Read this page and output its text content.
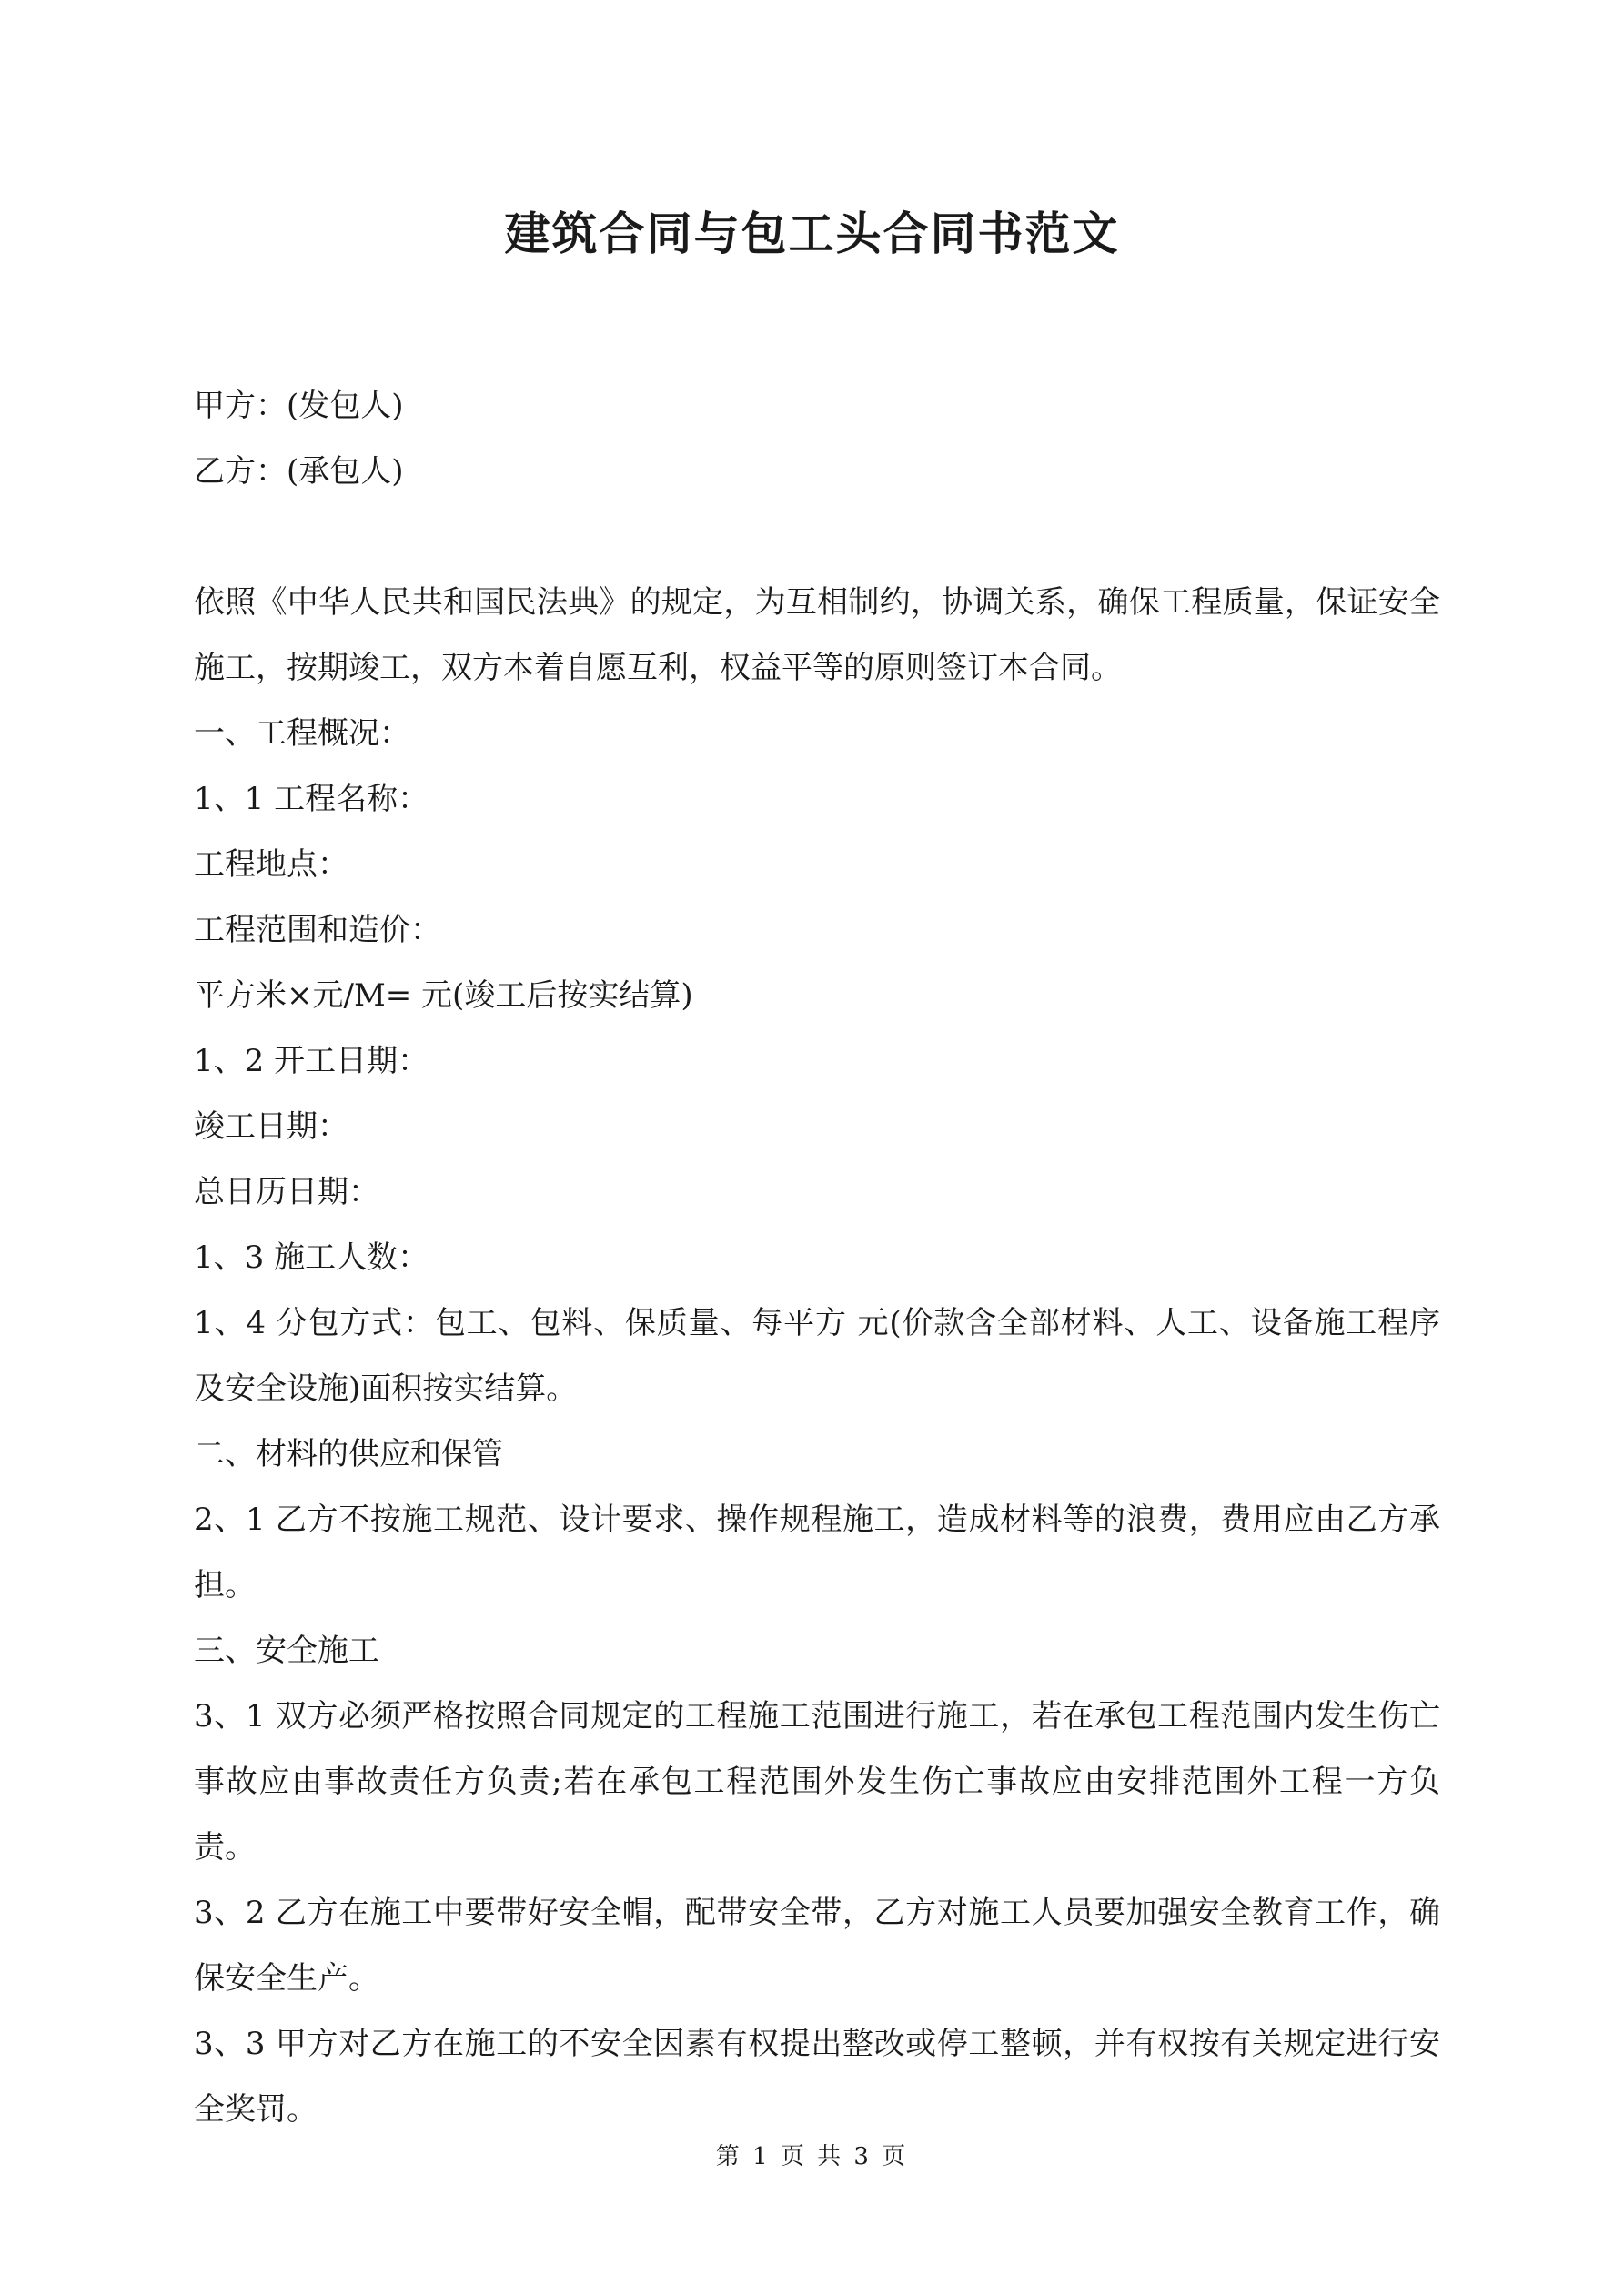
建筑合同与包工头合同书范文

甲方：(发包人)

乙方：(承包人)

依照《中华人民共和国民法典》的规定，为互相制约，协调关系，确保工程质量，保证安全施工，按期竣工，双方本着自愿互利，权益平等的原则签订本合同。

一、工程概况：

1、1 工程名称：

工程地点：

工程范围和造价：

平方米×元/M= 元(竣工后按实结算)

1、2 开工日期：

竣工日期：

总日历日期：

1、3 施工人数：

1、4 分包方式：包工、包料、保质量、每平方 元(价款含全部材料、人工、设备施工程序及安全设施)面积按实结算。

二、材料的供应和保管

2、1 乙方不按施工规范、设计要求、操作规程施工，造成材料等的浪费，费用应由乙方承担。

三、安全施工

3、1 双方必须严格按照合同规定的工程施工范围进行施工，若在承包工程范围内发生伤亡事故应由事故责任方负责;若在承包工程范围外发生伤亡事故应由安排范围外工程一方负责。

3、2 乙方在施工中要带好安全帽，配带安全带，乙方对施工人员要加强安全教育工作，确保安全生产。

3、3 甲方对乙方在施工的不安全因素有权提出整改或停工整顿，并有权按有关规定进行安全奖罚。

第 1 页 共 3 页
